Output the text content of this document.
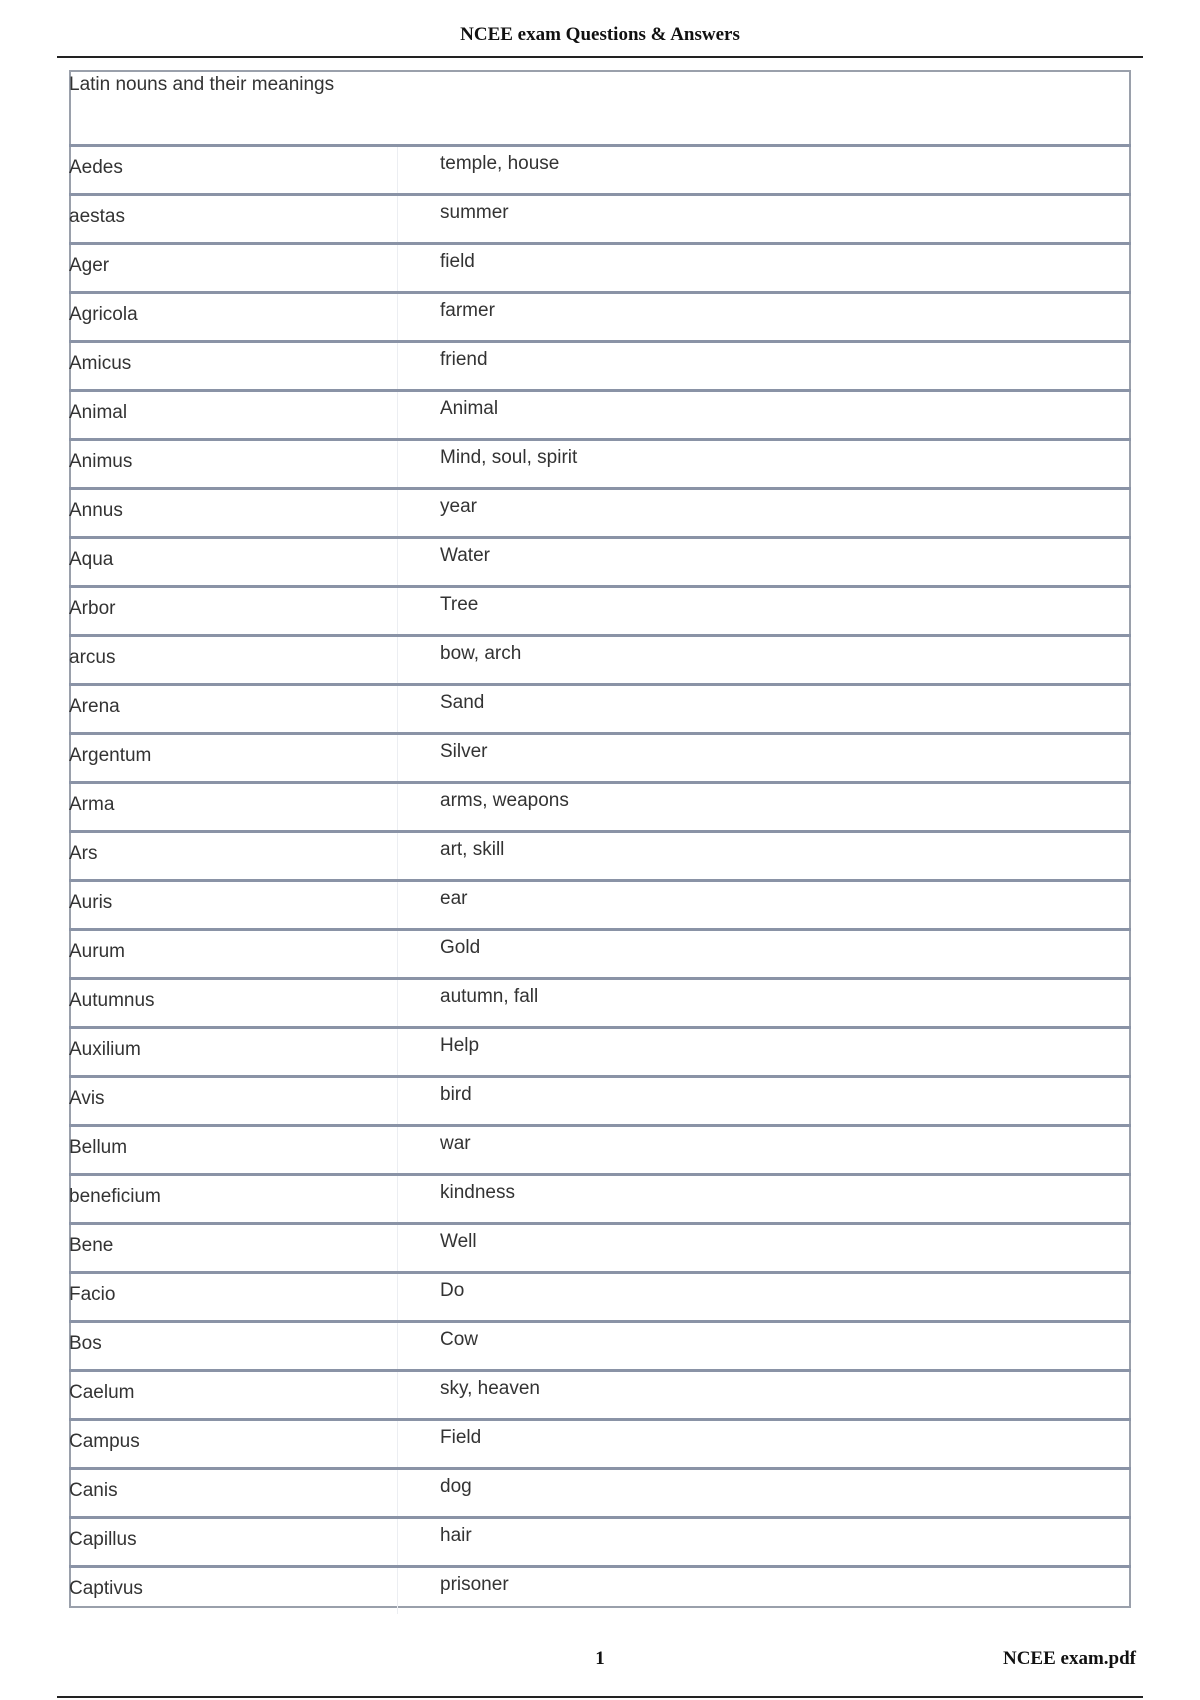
NCEE exam Questions & Answers
Latin nouns and their meanings
Aedes	temple, house
aestas	summer
Ager	field
Agricola	farmer
Amicus	friend
Animal	Animal
Animus	Mind, soul, spirit
Annus	year
Aqua	Water
Arbor	Tree
arcus	bow, arch
Arena	Sand
Argentum	Silver
Arma	arms, weapons
Ars	art, skill
Auris	ear
Aurum	Gold
Autumnus	autumn, fall
Auxilium	Help
Avis	bird
Bellum	war
beneficium	kindness
Bene	Well
Facio	Do
Bos	Cow
Caelum	sky, heaven
Campus	Field
Canis	dog
Capillus	hair
Captivus	prisoner
1	NCEE exam.pdf
